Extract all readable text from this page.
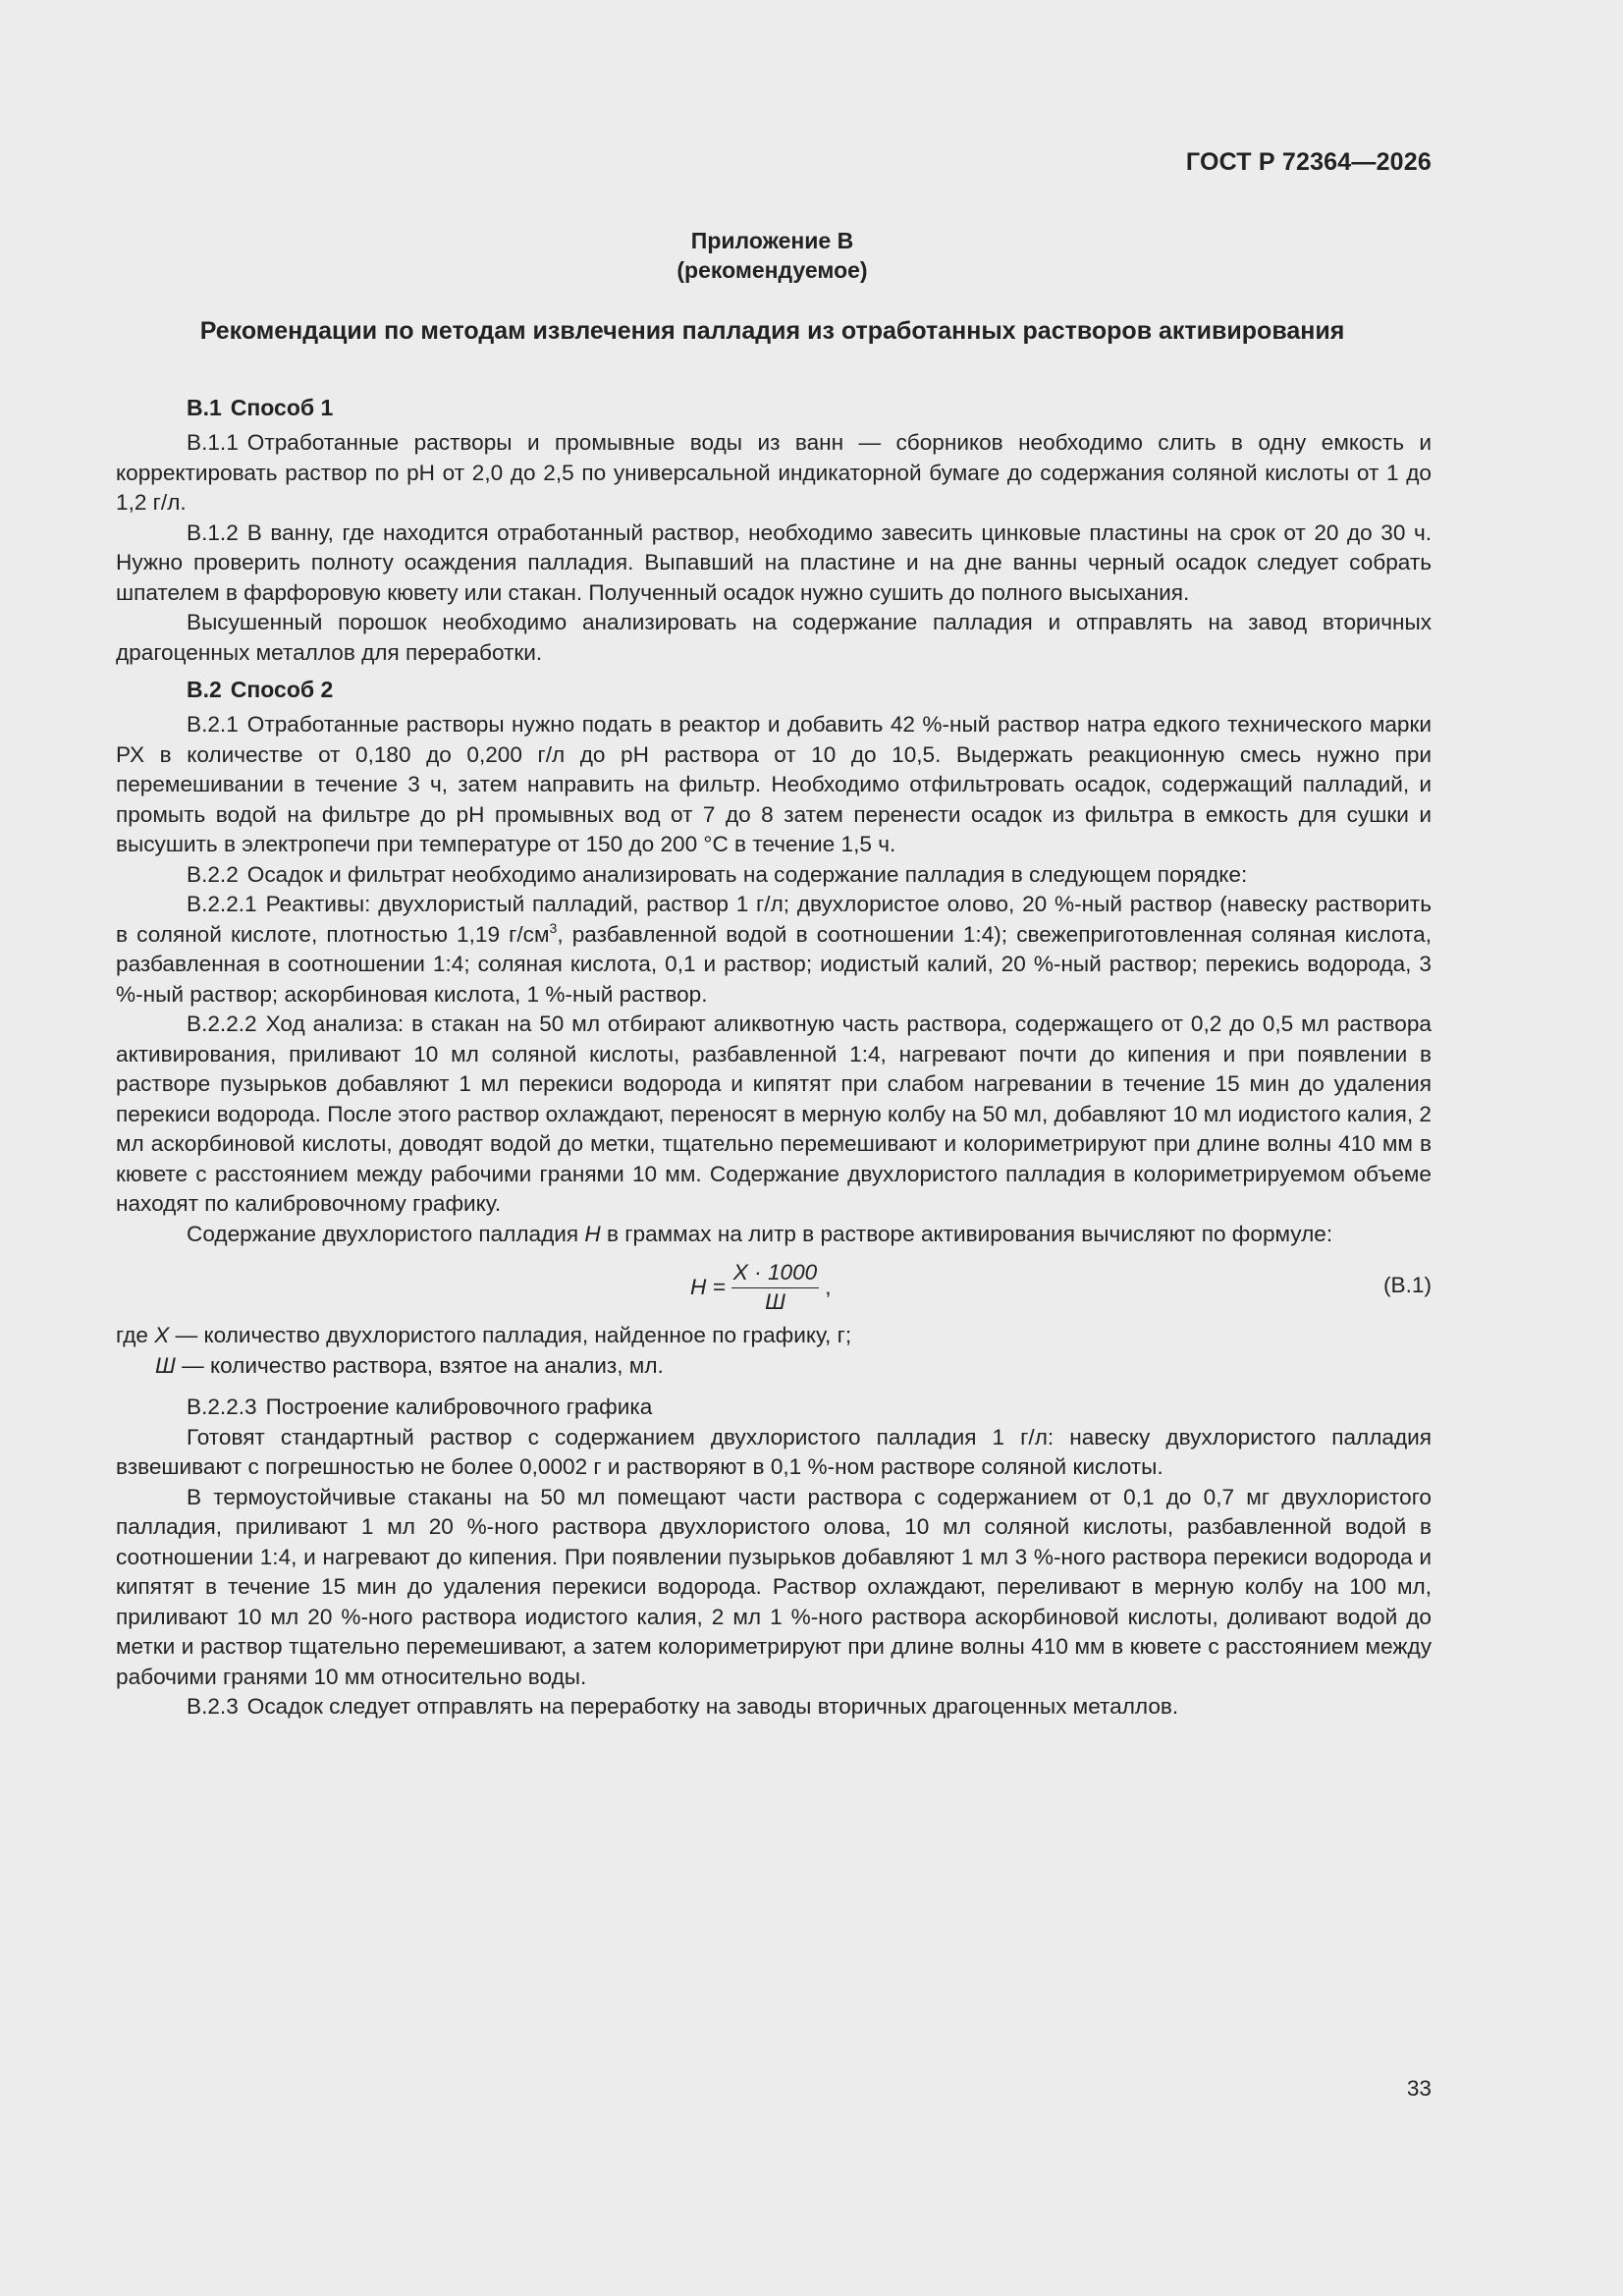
ГОСТ Р 72364—2026
Приложение В
(рекомендуемое)
Рекомендации по методам извлечения палладия из отработанных растворов активирования
В.1 Способ 1

В.1.1 Отработанные растворы и промывные воды из ванн — сборников необходимо слить в одну емкость и корректировать раствор по рН от 2,0 до 2,5 по универсальной индикаторной бумаге до содержания соляной кислоты от 1 до 1,2 г/л.

В.1.2 В ванну, где находится отработанный раствор, необходимо завесить цинковые пластины на срок от 20 до 30 ч. Нужно проверить полноту осаждения палладия. Выпавший на пластине и на дне ванны черный осадок следует собрать шпателем в фарфоровую кювету или стакан. Полученный осадок нужно сушить до полного высыхания.

Высушенный порошок необходимо анализировать на содержание палладия и отправлять на завод вторичных драгоценных металлов для переработки.

В.2 Способ 2

В.2.1 Отработанные растворы нужно подать в реактор и добавить 42 %-ный раствор натра едкого технического марки РХ в количестве от 0,180 до 0,200 г/л до рН раствора от 10 до 10,5. Выдержать реакционную смесь нужно при перемешивании в течение 3 ч, затем направить на фильтр. Необходимо отфильтровать осадок, содержащий палладий, и промыть водой на фильтре до рН промывных вод от 7 до 8 затем перенести осадок из фильтра в емкость для сушки и высушить в электропечи при температуре от 150 до 200 °С в течение 1,5 ч.

В.2.2 Осадок и фильтрат необходимо анализировать на содержание палладия в следующем порядке:

В.2.2.1 Реактивы: двухлористый палладий, раствор 1 г/л; двухлористое олово, 20 %-ный раствор (навеску растворить в соляной кислоте, плотностью 1,19 $г/см^3$, разбавленной водой в соотношении 1:4); свежеприготовленная соляная кислота, разбавленная в соотношении 1:4; соляная кислота, 0,1 и раствор; иодистый калий, 20 %-ный раствор; перекись водорода, 3 %-ный раствор; аскорбиновая кислота, 1 %-ный раствор.

В.2.2.2 Ход анализа: в стакан на 50 мл отбирают аликвотную часть раствора, содержащего от 0,2 до 0,5 мл раствора активирования, приливают 10 мл соляной кислоты, разбавленной 1:4, нагревают почти до кипения и при появлении в растворе пузырьков добавляют 1 мл перекиси водорода и кипятят при слабом нагревании в течение 15 мин до удаления перекиси водорода. После этого раствор охлаждают, переносят в мерную колбу на 50 мл, добавляют 10 мл иодистого калия, 2 мл аскорбиновой кислоты, доводят водой до метки, тщательно перемешивают и колориметрируют при длине волны 410 мм в кювете с расстоянием между рабочими гранями 10 мм. Содержание двухлористого палладия в колориметрируемом объеме находят по калибровочному графику.

Содержание двухлористого палладия Н в граммах на литр в растворе активирования вычисляют по формуле:

$Н = \frac{Х \cdot 1000}{Ш}$ ,	(В.1)
где Х — количество двухлористого палладия, найденное по графику, г;
Ш — количество раствора, взятое на анализ, мл.

В.2.2.3 Построение калибровочного графика

Готовят стандартный раствор с содержанием двухлористого палладия 1 г/л: навеску двухлористого палладия взвешивают с погрешностью не более 0,0002 г и растворяют в 0,1 %-ном растворе соляной кислоты.

В термоустойчивые стаканы на 50 мл помещают части раствора с содержанием от 0,1 до 0,7 мг двухлористого палладия, приливают 1 мл 20 %-ного раствора двухлористого олова, 10 мл соляной кислоты, разбавленной водой в соотношении 1:4, и нагревают до кипения. При появлении пузырьков добавляют 1 мл 3 %-ного раствора перекиси водорода и кипятят в течение 15 мин до удаления перекиси водорода. Раствор охлаждают, переливают в мерную колбу на 100 мл, приливают 10 мл 20 %-ного раствора иодистого калия, 2 мл 1 %-ного раствора аскорбиновой кислоты, доливают водой до метки и раствор тщательно перемешивают, а затем колориметрируют при длине волны 410 мм в кювете с расстоянием между рабочими гранями 10 мм относительно воды.

В.2.3 Осадок следует отправлять на переработку на заводы вторичных драгоценных металлов.

33
